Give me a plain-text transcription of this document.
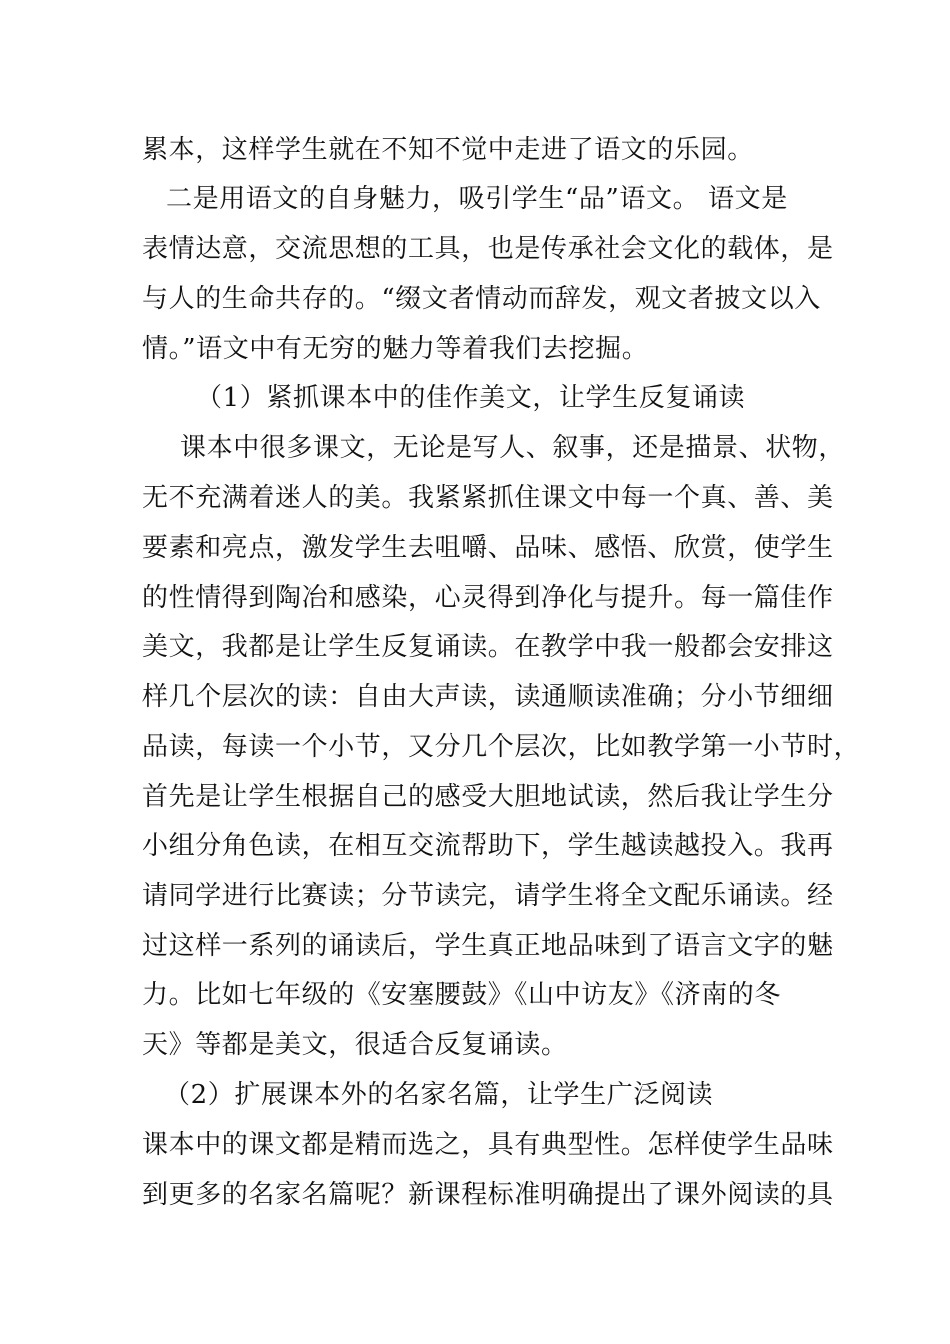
累本，这样学生就在不知不觉中走进了语文的乐园。
二是用语文的自身魅力，吸引学生“品”语文。 语文是
表情达意，交流思想的工具，也是传承社会文化的载体，是
与人的生命共存的。“缀文者情动而辞发，观文者披文以入
情。”语文中有无穷的魅力等着我们去挖掘。
（1）紧抓课本中的佳作美文，让学生反复诵读
课本中很多课文，无论是写人、叙事，还是描景、状物，
无不充满着迷人的美。我紧紧抓住课文中每一个真、善、美
要素和亮点，激发学生去咀嚼、品味、感悟、欣赏，使学生
的性情得到陶冶和感染，心灵得到净化与提升。每一篇佳作
美文，我都是让学生反复诵读。在教学中我一般都会安排这
样几个层次的读：自由大声读，读通顺读准确；分小节细细
品读，每读一个小节，又分几个层次，比如教学第一小节时，
首先是让学生根据自己的感受大胆地试读，然后我让学生分
小组分角色读，在相互交流帮助下，学生越读越投入。我再
请同学进行比赛读；分节读完，请学生将全文配乐诵读。经
过这样一系列的诵读后，学生真正地品味到了语言文字的魅
力。比如七年级的《安塞腰鼓》《山中访友》《济南的冬
天》等都是美文，很适合反复诵读。
（2）扩展课本外的名家名篇，让学生广泛阅读
课本中的课文都是精而选之，具有典型性。怎样使学生品味
到更多的名家名篇呢？新课程标准明确提出了课外阅读的具
